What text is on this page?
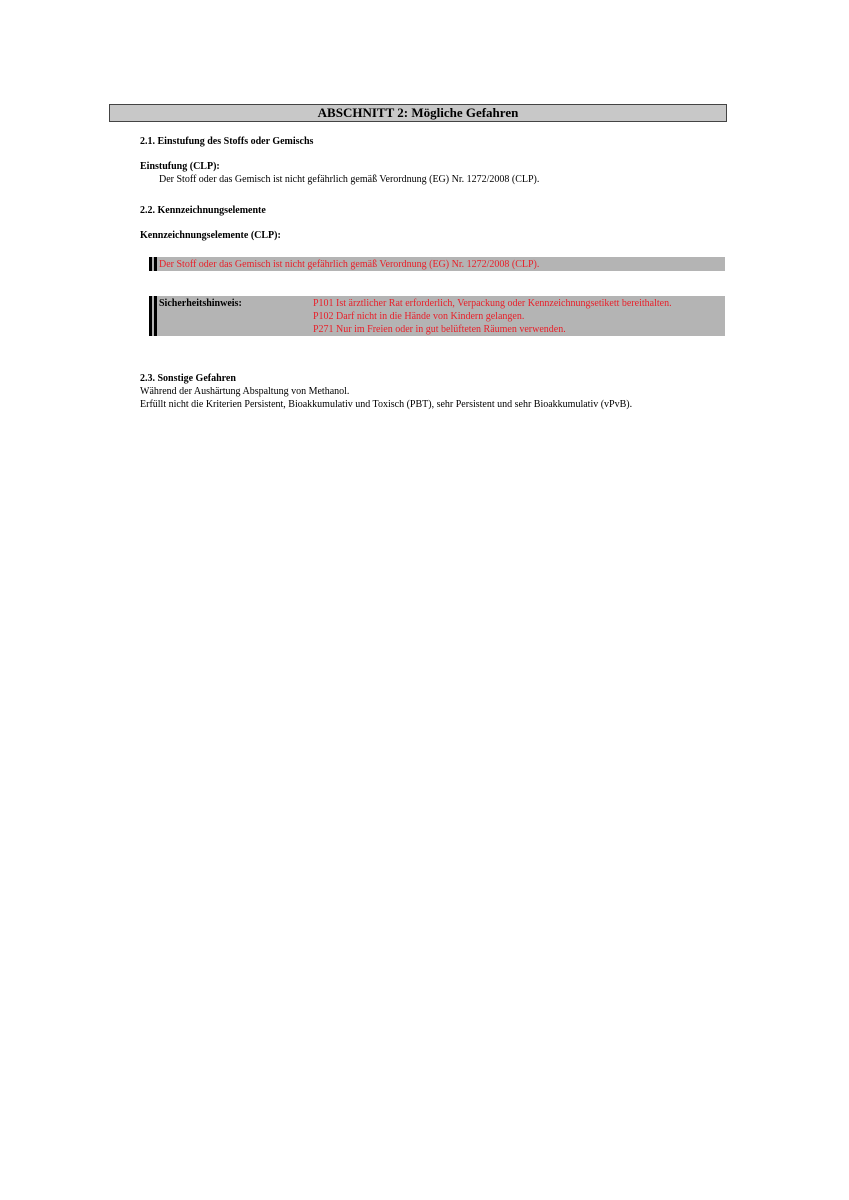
ABSCHNITT 2: Mögliche Gefahren
2.1. Einstufung des Stoffs oder Gemischs
Einstufung (CLP):
Der Stoff oder das Gemisch ist nicht gefährlich gemäß Verordnung (EG) Nr. 1272/2008 (CLP).
2.2. Kennzeichnungselemente
Kennzeichnungselemente (CLP):
Der Stoff oder das Gemisch ist nicht gefährlich gemäß Verordnung (EG) Nr. 1272/2008 (CLP).
Sicherheitshinweis:	P101 Ist ärztlicher Rat erforderlich, Verpackung oder Kennzeichnungsetikett bereithalten.
P102 Darf nicht in die Hände von Kindern gelangen.
P271 Nur im Freien oder in gut belüfteten Räumen verwenden.
2.3. Sonstige Gefahren
Während der Aushärtung Abspaltung von Methanol.
Erfüllt nicht die Kriterien Persistent, Bioakkumulativ und Toxisch (PBT), sehr Persistent und sehr Bioakkumulativ (vPvB).
